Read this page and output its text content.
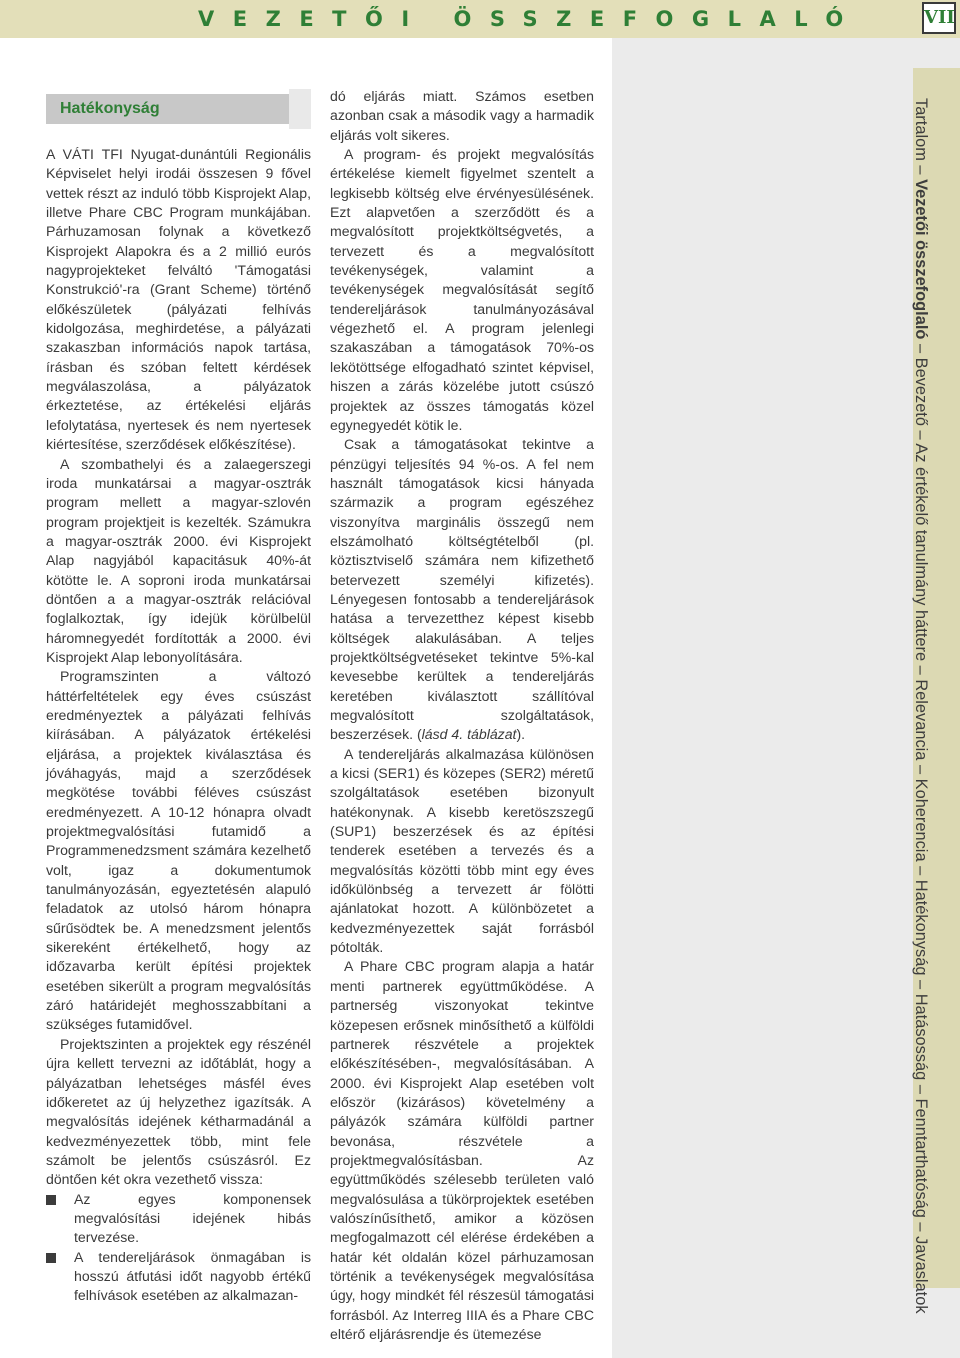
VEZETŐI ÖSSZEFOGLALÓ	VII
Tartalom – Vezetői összefoglaló – Bevezető – Az értékelő tanulmány háttere – Relevancia – Koherencia – Hatékonyság – Hatásosság – Fenntarthatóság – Javaslatok
Hatékonyság

A VÁTI TFI Nyugat-dunántúli Regionális Képviselet helyi irodái összesen 9 fővel vettek részt az induló több Kisprojekt Alap, illetve Phare CBC Program munkájában. Párhuzamosan folynak a következő Kisprojekt Alapokra és a 2 millió eurós nagyprojekteket felváltó 'Támogatási Konstrukció'-ra (Grant Scheme) történő előkészületek (pályázati felhívás kidolgozása, meghirdetése, a pályázati szakaszban információs napok tartása, írásban és szóban feltett kérdések megválaszolása, a pályázatok érkeztetése, az értékelési eljárás lefolytatása, nyertesek és nem nyertesek kiértesítése, szerződések előkészítése).

A szombathelyi és a zalaegerszegi iroda munkatársai a magyar-osztrák program mellett a magyar-szlovén program projektjeit is kezelték. Számukra a magyar-osztrák 2000. évi Kisprojekt Alap nagyjából kapacitásuk 40%-át kötötte le. A soproni iroda munkatársai döntően a a magyar-osztrák relációval foglalkoztak, így idejük körülbelül háromnegyedét fordították a 2000. évi Kisprojekt Alap lebonyolítására.

Programszinten a változó háttérfeltételek egy éves csúszást eredményeztek a pályázati felhívás kiírásában. A pályázatok értékelési eljárása, a projektek kiválasztása és jóváhagyás, majd a szerződések megkötése további féléves csúszást eredményezett. A 10-12 hónapra olvadt projektmegvalósítási futamidő a Programmenedzsment számára kezelhető volt, igaz a dokumentumok tanulmányozásán, egyeztetésén alapuló feladatok az utolsó három hónapra sűrűsödtek be. A menedzsment jelentős sikereként értékelhető, hogy az időzavarba került építési projektek esetében sikerült a program megvalósítás záró határidejét meghosszabbítani a szükséges futamidővel.

Projektszinten a projektek egy részénél újra kellett tervezni az időtáblát, hogy a pályázatban lehetséges másfél éves időkeretet az új helyzethez igazítsák. A megvalósítás idejének kétharmadánál a kedvezményezettek több, mint fele számolt be jelentős csúszásról. Ez döntően két okra vezethető vissza:

Az egyes komponensek megvalósítási idejének hibás tervezése.
A tendereljárások önmagában is hosszú átfutási időt nagyobb értékű felhívások esetében az alkalmazan-

dó eljárás miatt. Számos esetben azonban csak a második vagy a harmadik eljárás volt sikeres.

A program- és projekt megvalósítás értékelése kiemelt figyelmet szentelt a legkisebb költség elve érvényesülésének. Ezt alapvetően a szerződött és a megvalósított projektköltségvetés, a tervezett és a megvalósított tevékenységek, valamint a tevékenységek megvalósítását segítő tendereljárások tanulmányozásával végezhető el. A program jelenlegi szakaszában a támogatások 70%-os lekötöttsége elfogadható szintet képvisel, hiszen a zárás közelébe jutott csúszó projektek az összes támogatás közel egynegyedét kötik le.

Csak a támogatásokat tekintve a pénzügyi teljesítés 94 %-os. A fel nem használt támogatások kicsi hányada származik a program egészéhez viszonyítva marginális összegű nem elszámolható költségtételből (pl. köztisztviselő számára nem kifizethető betervezett személyi kifizetés). Lényegesen fontosabb a tendereljárások hatása a tervezetthez képest kisebb költségek alakulásában. A teljes projektköltségvetéseket tekintve 5%-kal kevesebbe kerültek a tendereljárás keretében kiválasztott szállítóval megvalósított szolgáltatások, beszerzések. (lásd 4. táblázat).

A tendereljárás alkalmazása különösen a kicsi (SER1) és közepes (SER2) méretű szolgáltatások esetében bizonyult hatékonynak. A kisebb keretöszszegű (SUP1) beszerzések és az építési tenderek esetében a tervezés és a megvalósítás közötti több mint egy éves időkülönbség a tervezett ár fölötti ajánlatokat hozott. A különbözetet a kedvezményezettek saját forrásból pótolták.

A Phare CBC program alapja a határ menti partnerek együttműködése. A partnerség viszonyokat tekintve közepesen erősnek minősíthető a külföldi partnerek részvétele a projektek előkészítésében-, megvalósításában. A 2000. évi Kisprojekt Alap esetében volt először (kizárásos) követelmény a pályázók számára külföldi partner bevonása, részvétele a projektmegvalósításban. Az együttműködés szélesebb területen való megvalósulása a tükörprojektek esetében valószínűsíthető, amikor a közösen megfogalmazott cél elérése érdekében a határ két oldalán közel párhuzamosan történik a tevékenységek megvalósítása úgy, hogy mindkét fél részesül támogatási forrásból. Az Interreg IIIA és a Phare CBC eltérő eljárásrendje és ütemezése
